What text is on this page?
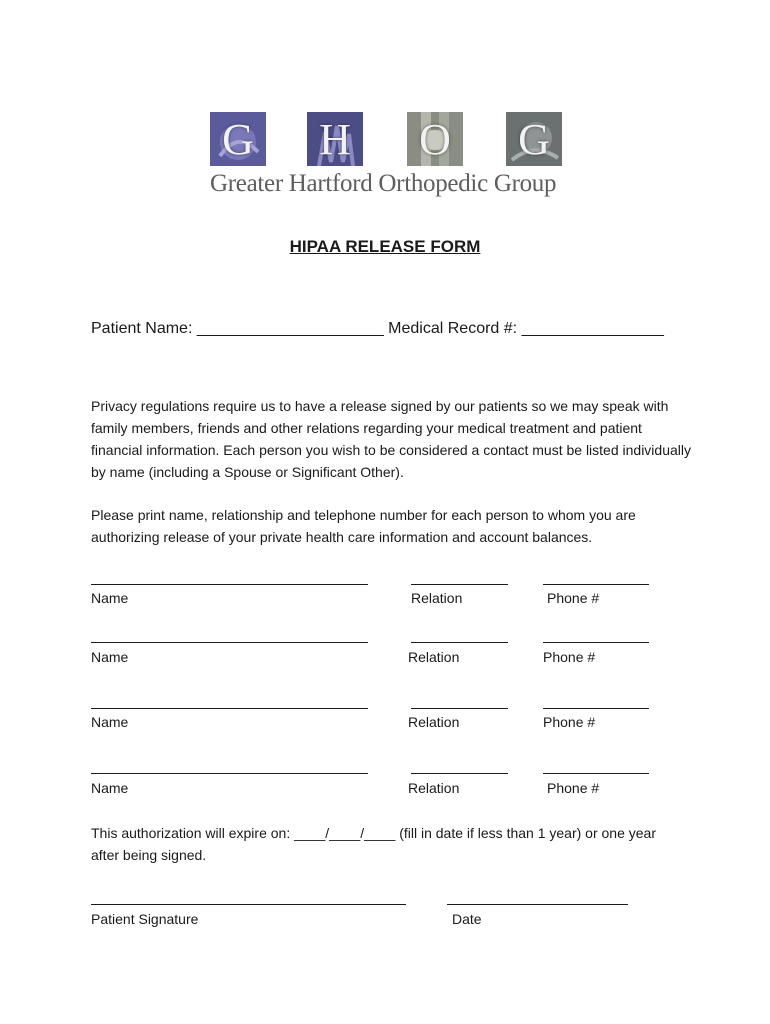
G H O G
Greater Hartford Orthopedic Group
HIPAA RELEASE FORM
Patient Name: _____________________ Medical Record #: ________________
Privacy regulations require us to have a release signed by our patients so we may speak with family members, friends and other relations regarding your medical treatment and patient financial information. Each person you wish to be considered a contact must be listed individually by name (including a Spouse or Significant Other).
Please print name, relationship and telephone number for each person to whom you are authorizing release of your private health care information and account balances.
Name	Relation	Phone #
Name	Relation	Phone #
Name	Relation	Phone #
Name	Relation	Phone #
This authorization will expire on: ____/____/____ (fill in date if less than 1 year) or one year after being signed.
Patient Signature	Date
